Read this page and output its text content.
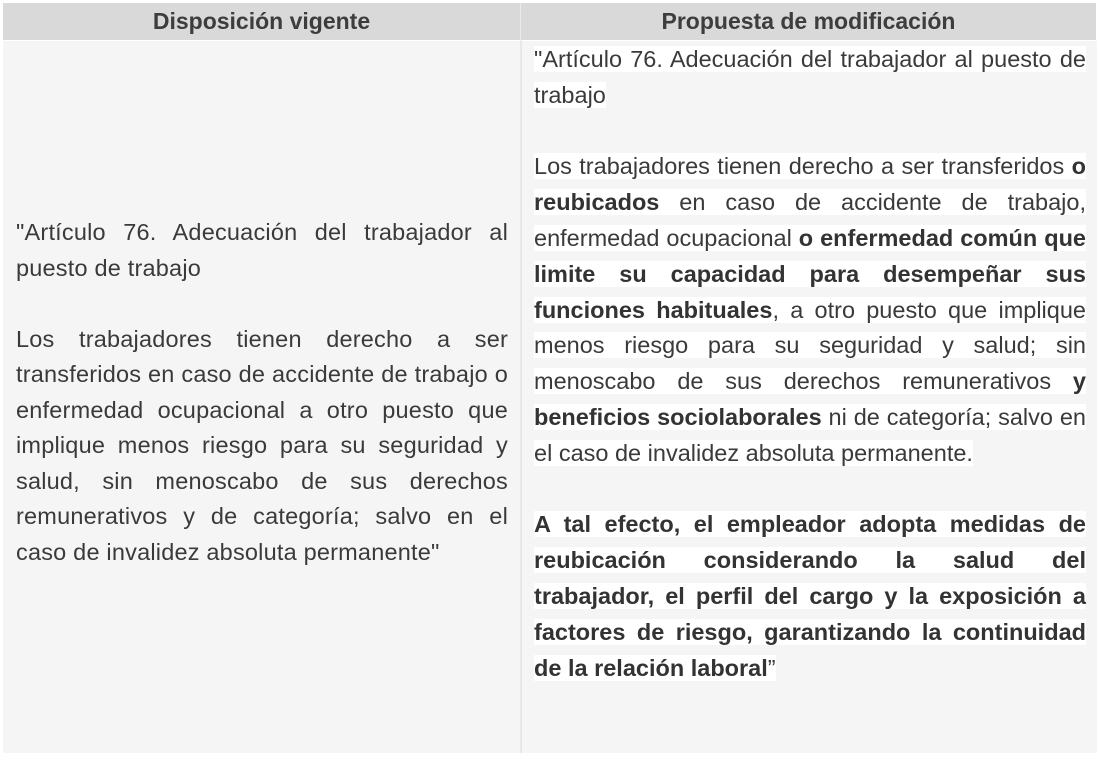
Disposición vigente	Propuesta de modificación

"Artículo 76. Adecuación del trabajador al puesto de trabajo

Los trabajadores tienen derecho a ser transferidos en caso de accidente de trabajo o enfermedad ocupacional a otro puesto que implique menos riesgo para su seguridad y salud, sin menoscabo de sus derechos remunerativos y de categoría; salvo en el caso de invalidez absoluta permanente"

"Artículo 76. Adecuación del trabajador al puesto de trabajo

Los trabajadores tienen derecho a ser transferidos o reubicados en caso de accidente de trabajo, enfermedad ocupacional o enfermedad común que limite su capacidad para desempeñar sus funciones habituales, a otro puesto que implique menos riesgo para su seguridad y salud; sin menoscabo de sus derechos remunerativos y beneficios sociolaborales ni de categoría; salvo en el caso de invalidez absoluta permanente.

A tal efecto, el empleador adopta medidas de reubicación considerando la salud del trabajador, el perfil del cargo y la exposición a factores de riesgo, garantizando la continuidad de la relación laboral”
